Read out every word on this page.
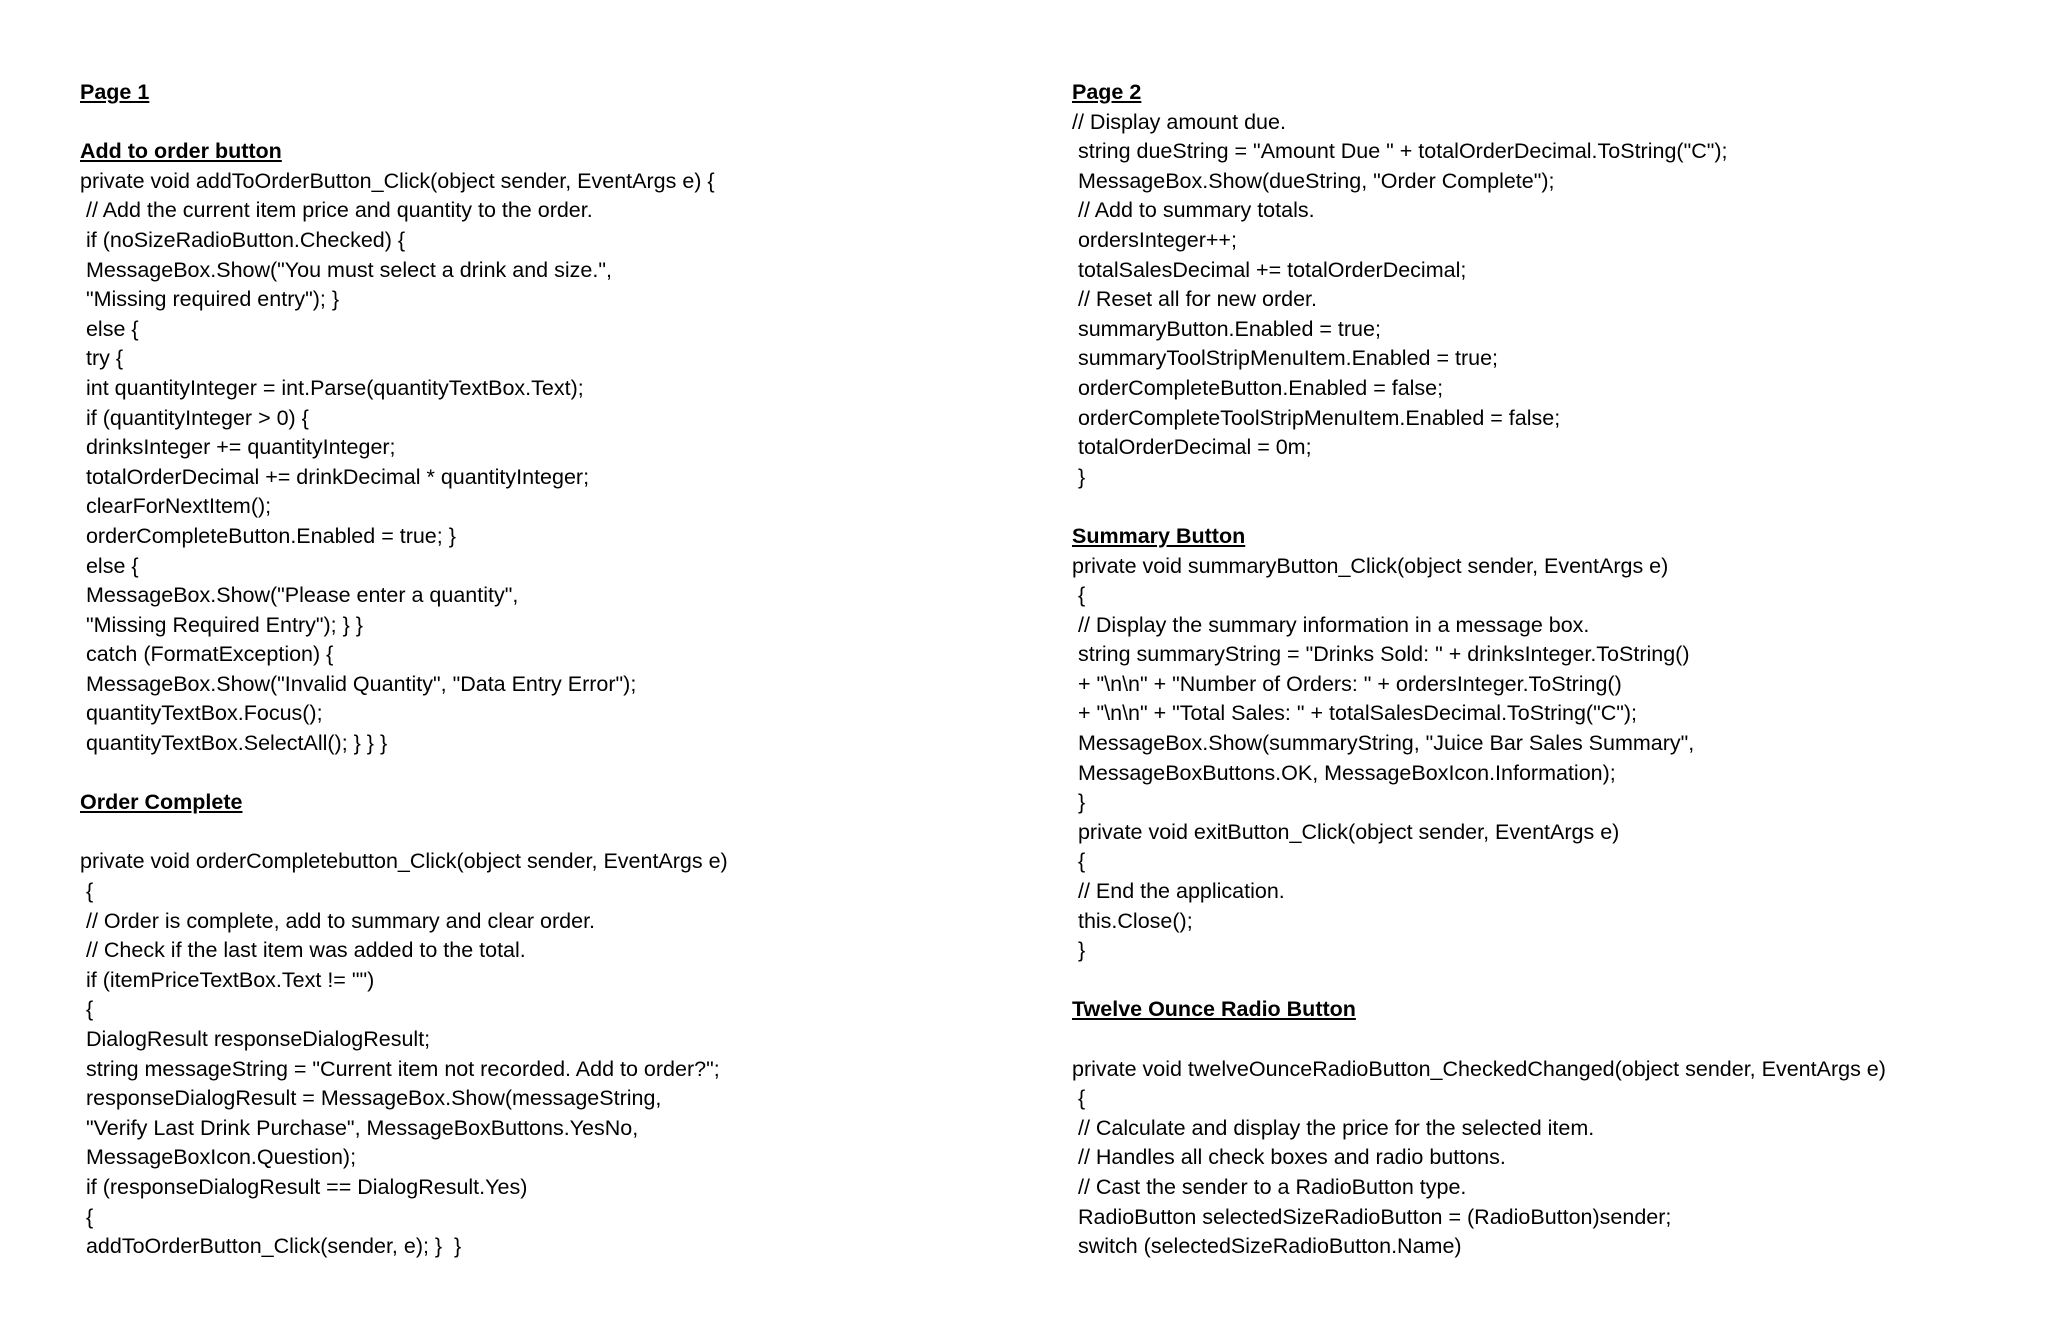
Page 1

Add to order button
private void addToOrderButton_Click(object sender, EventArgs e) {
// Add the current item price and quantity to the order.
if (noSizeRadioButton.Checked) {
MessageBox.Show("You must select a drink and size.",
"Missing required entry"); }
else {
try {
int quantityInteger = int.Parse(quantityTextBox.Text);
if (quantityInteger > 0) {
drinksInteger += quantityInteger;
totalOrderDecimal += drinkDecimal * quantityInteger;
clearForNextItem();
orderCompleteButton.Enabled = true; }
else {
MessageBox.Show("Please enter a quantity",
"Missing Required Entry"); } }
catch (FormatException) {
MessageBox.Show("Invalid Quantity", "Data Entry Error");
quantityTextBox.Focus();
quantityTextBox.SelectAll(); } } }

Order Complete

private void orderCompletebutton_Click(object sender, EventArgs e)
{
// Order is complete, add to summary and clear order.
// Check if the last item was added to the total.
if (itemPriceTextBox.Text != "")
{
DialogResult responseDialogResult;
string messageString = "Current item not recorded. Add to order?";
responseDialogResult = MessageBox.Show(messageString,
"Verify Last Drink Purchase", MessageBoxButtons.YesNo,
MessageBoxIcon.Question);
if (responseDialogResult == DialogResult.Yes)
{
addToOrderButton_Click(sender, e); }  }
Page 2
// Display amount due.
string dueString = "Amount Due " + totalOrderDecimal.ToString("C");
MessageBox.Show(dueString, "Order Complete");
// Add to summary totals.
ordersInteger++;
totalSalesDecimal += totalOrderDecimal;
// Reset all for new order.
summaryButton.Enabled = true;
summaryToolStripMenuItem.Enabled = true;
orderCompleteButton.Enabled = false;
orderCompleteToolStripMenuItem.Enabled = false;
totalOrderDecimal = 0m;
}

Summary Button
private void summaryButton_Click(object sender, EventArgs e)
{
// Display the summary information in a message box.
string summaryString = "Drinks Sold: " + drinksInteger.ToString()
+ "\n\n" + "Number of Orders: " + ordersInteger.ToString()
+ "\n\n" + "Total Sales: " + totalSalesDecimal.ToString("C");
MessageBox.Show(summaryString, "Juice Bar Sales Summary",
MessageBoxButtons.OK, MessageBoxIcon.Information);
}
private void exitButton_Click(object sender, EventArgs e)
{
// End the application.
this.Close();
}

Twelve Ounce Radio Button

private void twelveOunceRadioButton_CheckedChanged(object sender, EventArgs e)
{
// Calculate and display the price for the selected item.
// Handles all check boxes and radio buttons.
// Cast the sender to a RadioButton type.
RadioButton selectedSizeRadioButton = (RadioButton)sender;
switch (selectedSizeRadioButton.Name)
